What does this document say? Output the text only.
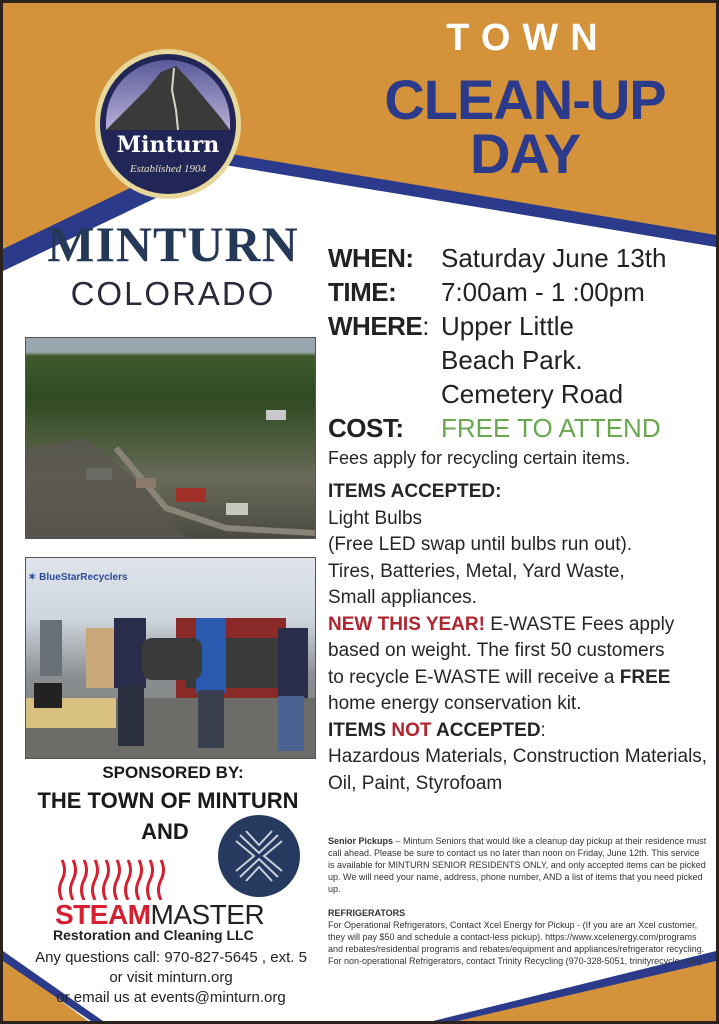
TOWN
CLEAN-UP
DAY
Minturn
Established 1904
MINTURN
COLORADO
✶ BlueStarRecyclers
WHEN: Saturday June 13th
TIME: 7:00am - 1 :00pm
WHERE: Upper Little
Beach Park.
Cemetery Road
COST: FREE TO ATTEND
Fees apply for recycling certain items.
ITEMS ACCEPTED:
Light Bulbs
(Free LED swap until bulbs run out).
Tires, Batteries, Metal, Yard Waste,
Small appliances.
NEW THIS YEAR! E-WASTE Fees apply
based on weight. The first 50 customers
to recycle E-WASTE will receive a FREE
home energy conservation kit.
ITEMS NOT ACCEPTED:
Hazardous Materials, Construction Materials,
Oil, Paint, Styrofoam
Senior Pickups – Minturn Seniors that would like a cleanup day pickup at their residence must call ahead. Please be sure to contact us no later than noon on Friday, June 12th. This service is available for MINTURN SENIOR RESIDENTS ONLY, and only accepted items can be picked up. We will need your name, address, phone number, AND a list of items that you need picked up.
REFRIGERATORS
For Operational Refrigerators, Contact Xcel Energy for Pickup - (If you are an Xcel customer, they will pay $50 and schedule a contact-less pickup). https://www.xcelenergy.com/programs and rebates/residential programs and rebates/equipment and appliances/refrigerator recycling. For non-operational Refrigerators, contact Trinity Recycling (970-328-5051, trinityrecycle.com)
SPONSORED BY:
THE TOWN OF MINTURN
AND
STEAMMASTER
Restoration and Cleaning LLC
Any questions call: 970-827-5645 , ext. 5
or visit minturn.org
or email us at events@minturn.org
